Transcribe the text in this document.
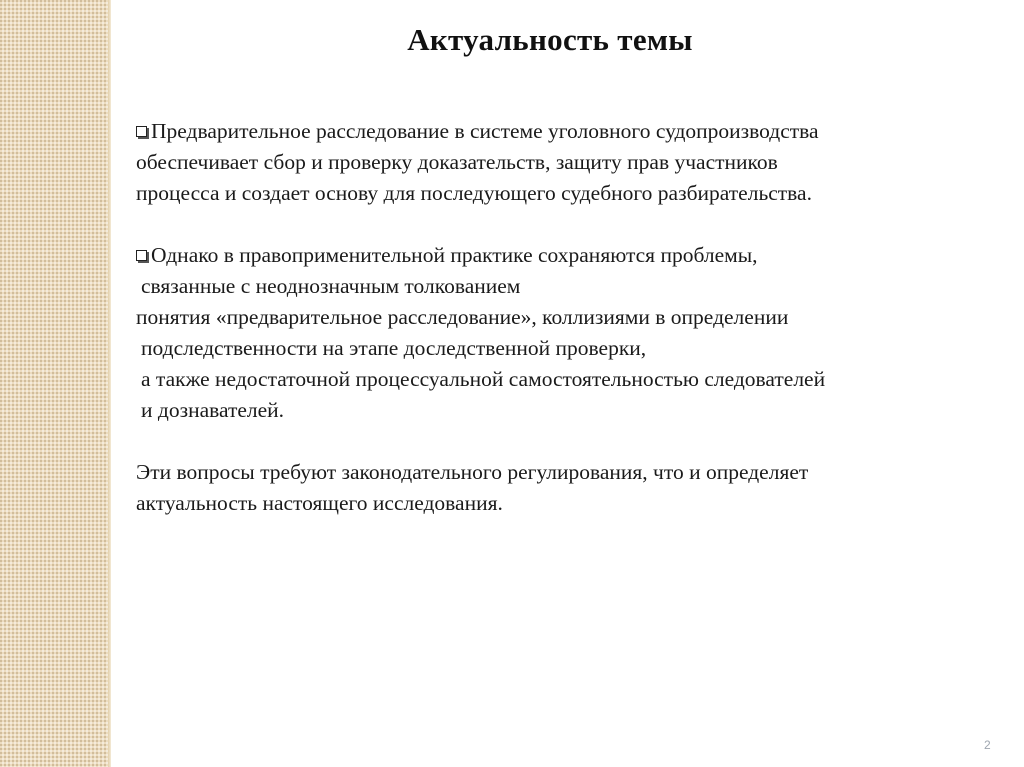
Актуальность темы
Предварительное расследование в системе уголовного судопроизводства
обеспечивает сбор и проверку доказательств, защиту прав участников
процесса и создает основу для последующего судебного разбирательства.
Однако в правоприменительной практике сохраняются проблемы,
связанные с неоднозначным толкованием
понятия «предварительное расследование», коллизиями в определении
подследственности на этапе доследственной проверки,
а также недостаточной процессуальной самостоятельностью следователей
и дознавателей.
Эти вопросы требуют законодательного регулирования, что и определяет
актуальность настоящего исследования.
2
